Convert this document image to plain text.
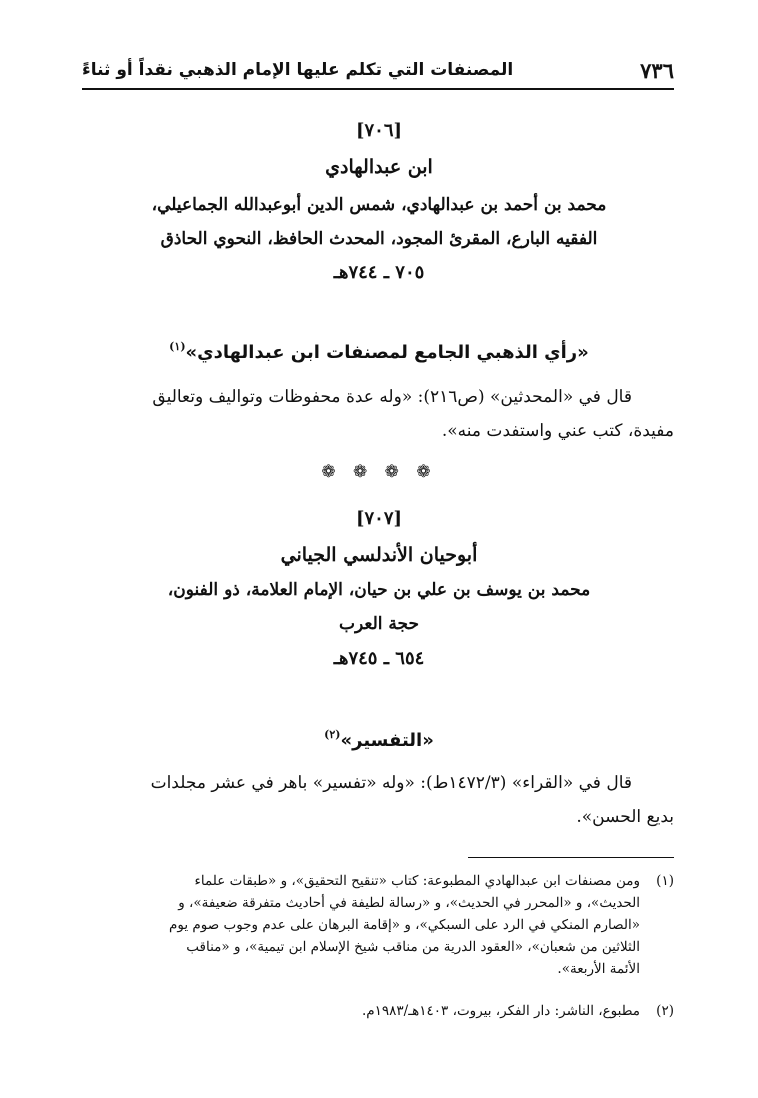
٧٣٦
المصنفات التي تكلم عليها الإمام الذهبي نقداً أو ثناءً
[٧٠٦]
ابن عبدالهادي
محمد بن أحمد بن عبدالهادي، شمس الدين أبوعبدالله الجماعيلي،
الفقيه البارع، المقرئ المجود، المحدث الحافظ، النحوي الحاذق
٧٠٥ ـ ٧٤٤هـ
«رأي الذهبي الجامع لمصنفات ابن عبدالهادي»$^{(١)}$
قال في «المحدثين» (ص٢١٦): «وله عدة محفوظات وتواليف وتعاليق
مفيدة، كتب عني واستفدت منه».
❁ ❁ ❁ ❁
[٧٠٧]
أبوحيان الأندلسي الجياني
محمد بن يوسف بن علي بن حيان، الإمام العلامة، ذو الفنون،
حجة العرب
٦٥٤ ـ ٧٤٥هـ
«التفسير»$^{(٢)}$
قال في «القراء» (١٤٧٢/٣ط): «وله «تفسير» باهر في عشر مجلدات
بديع الحسن».
(١)
ومن مصنفات ابن عبدالهادي المطبوعة: كتاب «تنقيح التحقيق»، و «طبقات علماء
الحديث»، و «المحرر في الحديث»، و «رسالة لطيفة في أحاديث متفرقة ضعيفة»، و
«الصارم المنكي في الرد على السبكي»، و «إقامة البرهان على عدم وجوب صوم يوم
الثلاثين من شعبان»، «العقود الدرية من مناقب شيخ الإسلام ابن تيمية»، و «مناقب
الأئمة الأربعة».
(٢)
مطبوع، الناشر: دار الفكر، بيروت، ١٤٠٣هـ/١٩٨٣م.
